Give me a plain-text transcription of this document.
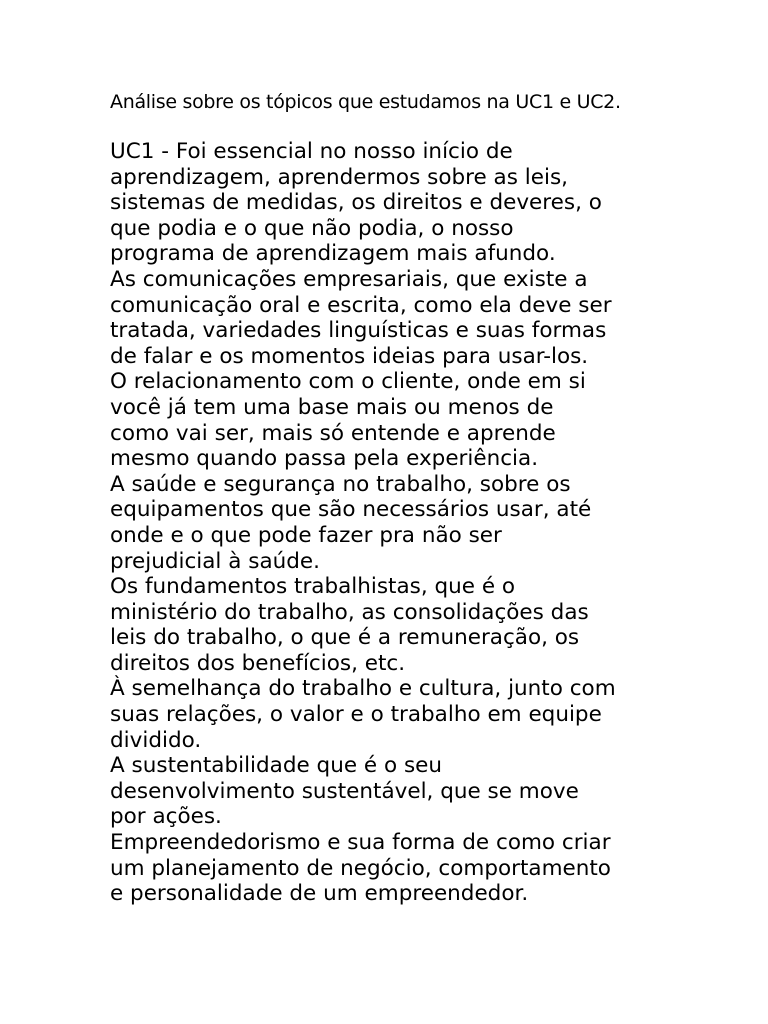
Análise sobre os tópicos que estudamos na UC1 e UC2.
UC1 - Foi essencial no nosso início de
aprendizagem, aprendermos sobre as leis,
sistemas de medidas, os direitos e deveres, o
que podia e o que não podia, o nosso
programa de aprendizagem mais afundo.
As comunicações empresariais, que existe a
comunicação oral e escrita, como ela deve ser
tratada, variedades linguísticas e suas formas
de falar e os momentos ideias para usar-los.
O relacionamento com o cliente, onde em si
você já tem uma base mais ou menos de
como vai ser, mais só entende e aprende
mesmo quando passa pela experiência.
A saúde e segurança no trabalho, sobre os
equipamentos que são necessários usar, até
onde e o que pode fazer pra não ser
prejudicial à saúde.
Os fundamentos trabalhistas, que é o
ministério do trabalho, as consolidações das
leis do trabalho, o que é a remuneração, os
direitos dos benefícios, etc.
À semelhança do trabalho e cultura, junto com
suas relações, o valor e o trabalho em equipe
dividido.
A sustentabilidade que é o seu
desenvolvimento sustentável, que se move
por ações.
Empreendedorismo e sua forma de como criar
um planejamento de negócio, comportamento
e personalidade de um empreendedor.
